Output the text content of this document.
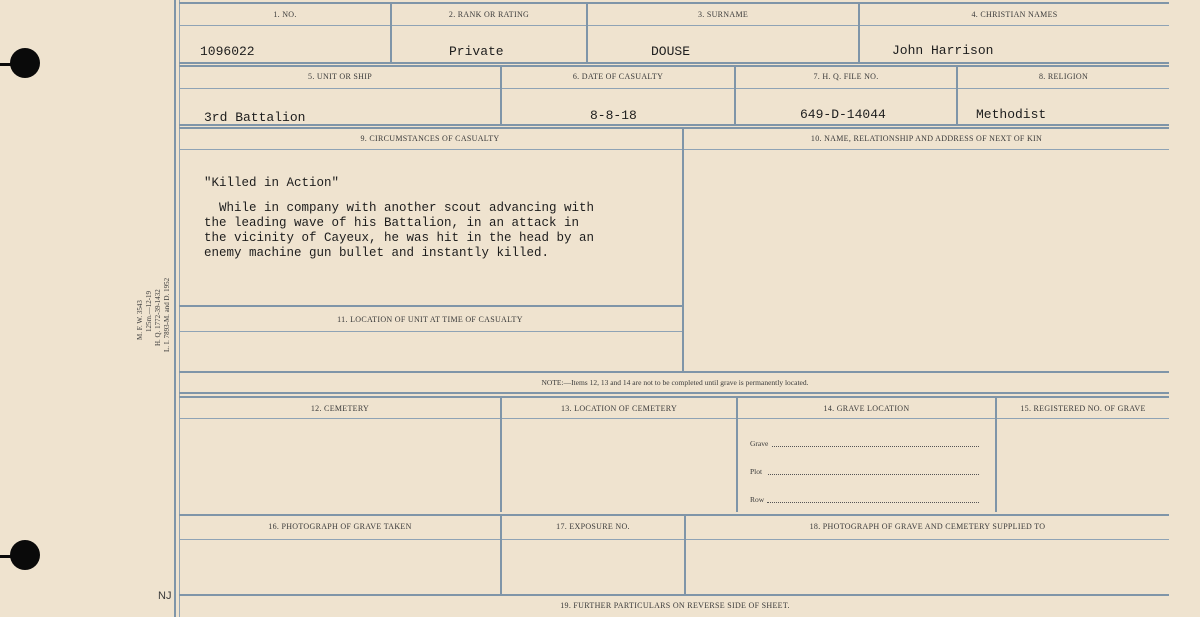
M. F. W. 3543 125m.—12-19 H. Q. 1772-39-1432 L. I. 7893-M. and D. 1952
NJ
1. NO.	2. RANK OR RATING	3. SURNAME	4. CHRISTIAN NAMES
1096022	Private	DOUSE	John Harrison
5. UNIT OR SHIP	6. DATE OF CASUALTY	7. H. Q. FILE NO.	8. RELIGION
3rd Battalion	8-8-18	649-D-14044	Methodist
9. CIRCUMSTANCES OF CASUALTY	10. NAME, RELATIONSHIP AND ADDRESS OF NEXT OF KIN
"Killed in Action"
While in company with another scout advancing with
the leading wave of his Battalion, in an attack in
the vicinity of Cayeux, he was hit in the head by an
enemy machine gun bullet and instantly killed.
11. LOCATION OF UNIT AT TIME OF CASUALTY
NOTE:—Items 12, 13 and 14 are not to be completed until grave is permanently located.
12. CEMETERY	13. LOCATION OF CEMETERY	14. GRAVE LOCATION	15. REGISTERED NO. OF GRAVE
Grave
Plot
Row
16. PHOTOGRAPH OF GRAVE TAKEN	17. EXPOSURE NO.	18. PHOTOGRAPH OF GRAVE AND CEMETERY SUPPLIED TO
19. FURTHER PARTICULARS ON REVERSE SIDE OF SHEET.
